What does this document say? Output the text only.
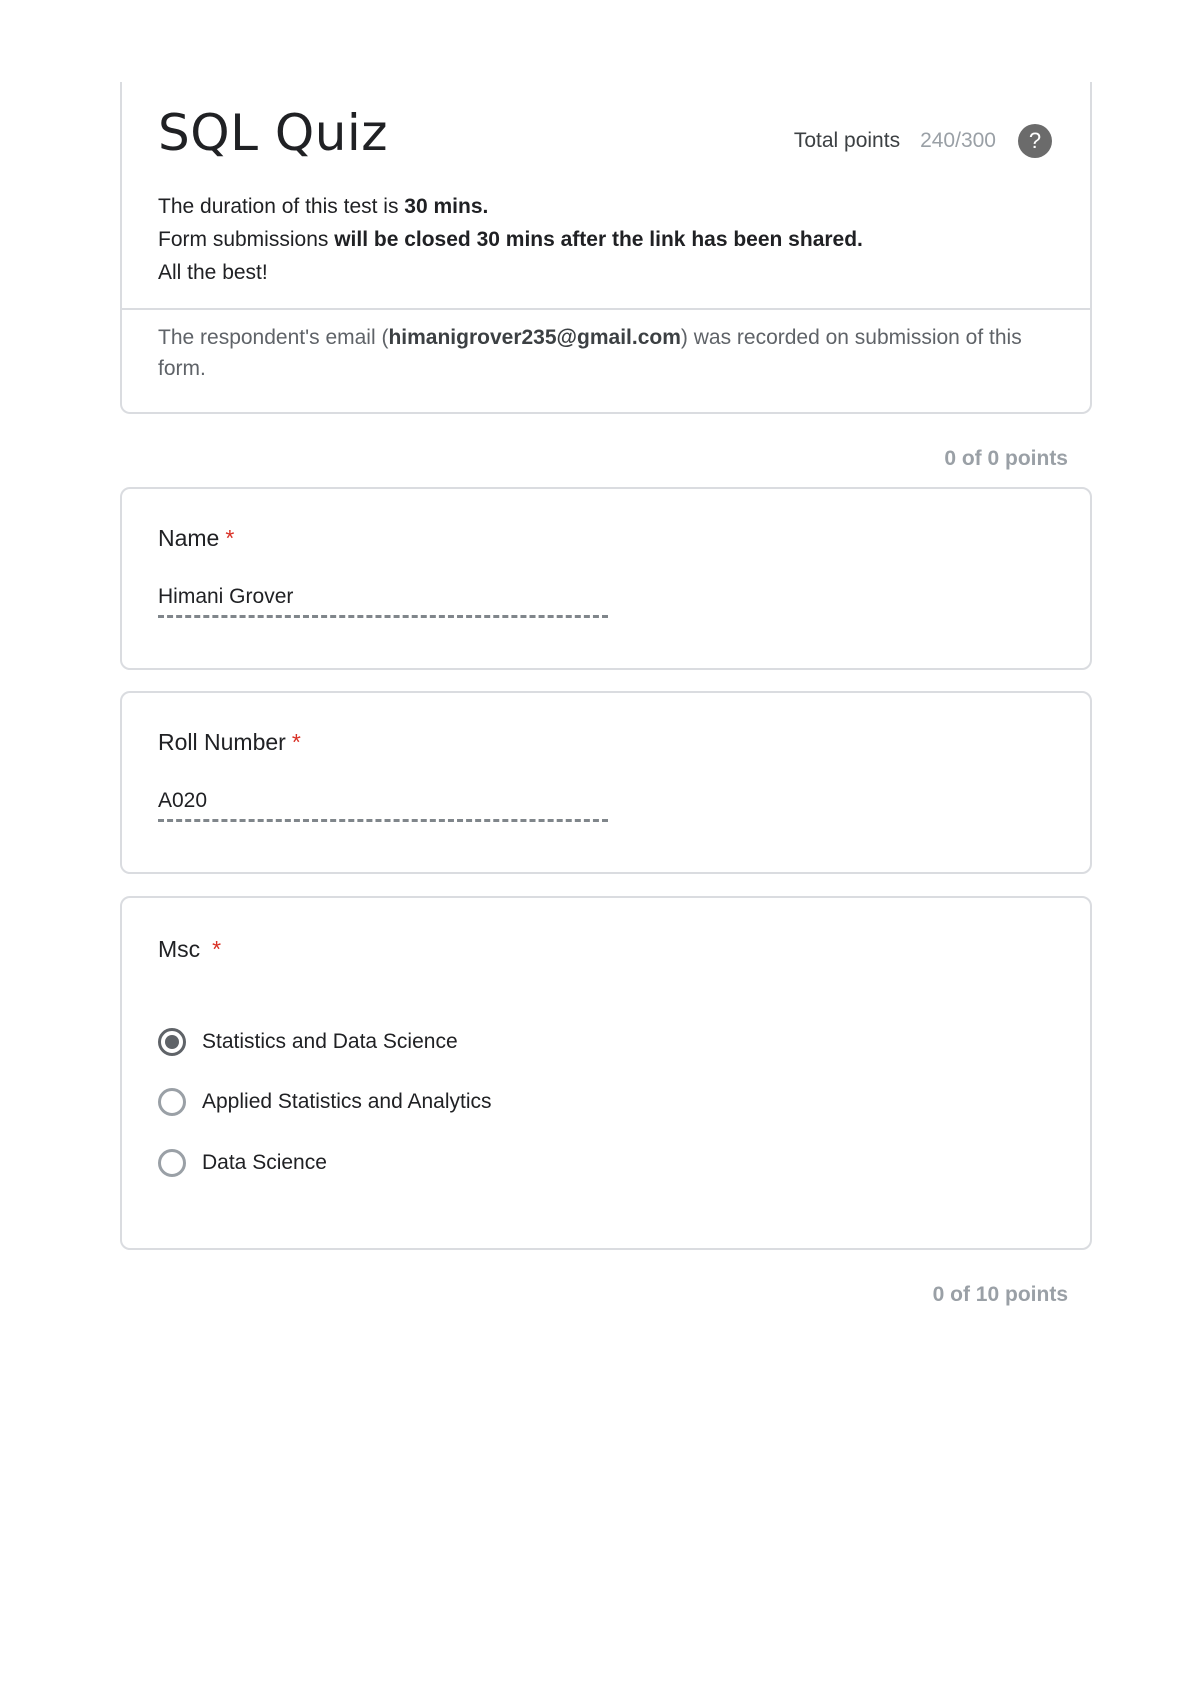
SQL Quiz	Total points 240/300	?
The duration of this test is 30 mins.
Form submissions will be closed 30 mins after the link has been shared.
All the best!
The respondent's email (himanigrover235@gmail.com) was recorded on submission of this form.
0 of 0 points
Name *
Himani Grover
Roll Number *
A020
Msc *
Statistics and Data Science
Applied Statistics and Analytics
Data Science
0 of 10 points
